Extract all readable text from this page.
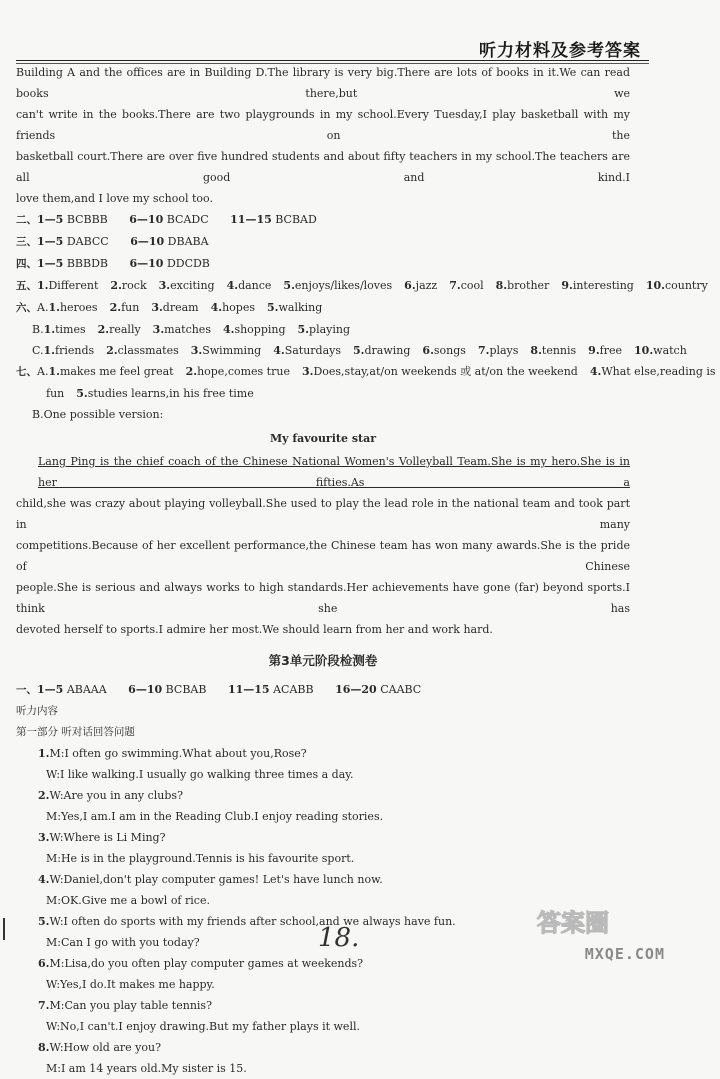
听力材料及参考答案

Building A and the offices are in Building D.The library is very big.There are lots of books in it.We can read books there,but we

can't write in the books.There are two playgrounds in my school.Every Tuesday,I play basketball with my friends on the

basketball court.There are over five hundred students and about fifty teachers in my school.The teachers are all good and kind.I

love them,and I love my school too.

二、1—5 BCBBB 6—10 BCADC 11—15 BCBAD

三、1—5 DABCC 6—10 DBABA

四、1—5 BBBDB 6—10 DDCDB

五、1.Different 2.rock 3.exciting 4.dance 5.enjoys/likes/loves 6.jazz 7.cool 8.brother 9.interesting 10.country

六、A.1.heroes 2.fun 3.dream 4.hopes 5.walking

B.1.times 2.really 3.matches 4.shopping 5.playing

C.1.friends 2.classmates 3.Swimming 4.Saturdays 5.drawing 6.songs 7.plays 8.tennis 9.free 10.watch

七、A.1.makes me feel great 2.hope,comes true 3.Does,stay,at/on weekends 或 at/on the weekend 4.What else,reading is

fun 5.studies learns,in his free time

B.One possible version:

My favourite star

Lang Ping is the chief coach of the Chinese National Women's Volleyball Team.She is my hero.She is in her fifties.As a

child,she was crazy about playing volleyball.She used to play the lead role in the national team and took part in many

competitions.Because of her excellent performance,the Chinese team has won many awards.She is the pride of Chinese

people.She is serious and always works to high standards.Her achievements have gone (far) beyond sports.I think she has

devoted herself to sports.I admire her most.We should learn from her and work hard.

第3单元阶段检测卷

一、1—5 ABAAA 6—10 BCBAB 11—15 ACABB 16—20 CAABC

听力内容

第一部分 听对话回答问题

1.M:I often go swimming.What about you,Rose?

W:I like walking.I usually go walking three times a day.

2.W:Are you in any clubs?

M:Yes,I am.I am in the Reading Club.I enjoy reading stories.

3.W:Where is Li Ming?

M:He is in the playground.Tennis is his favourite sport.

4.W:Daniel,don't play computer games! Let's have lunch now.

M:OK.Give me a bowl of rice.

5.W:I often do sports with my friends after school,and we always have fun.

M:Can I go with you today?

6.M:Lisa,do you often play computer games at weekends?

W:Yes,I do.It makes me happy.

7.M:Can you play table tennis?

W:No,I can't.I enjoy drawing.But my father plays it well.

8.W:How old are you?

M:I am 14 years old.My sister is 15.

18.	答案圈
MXQE.COM
